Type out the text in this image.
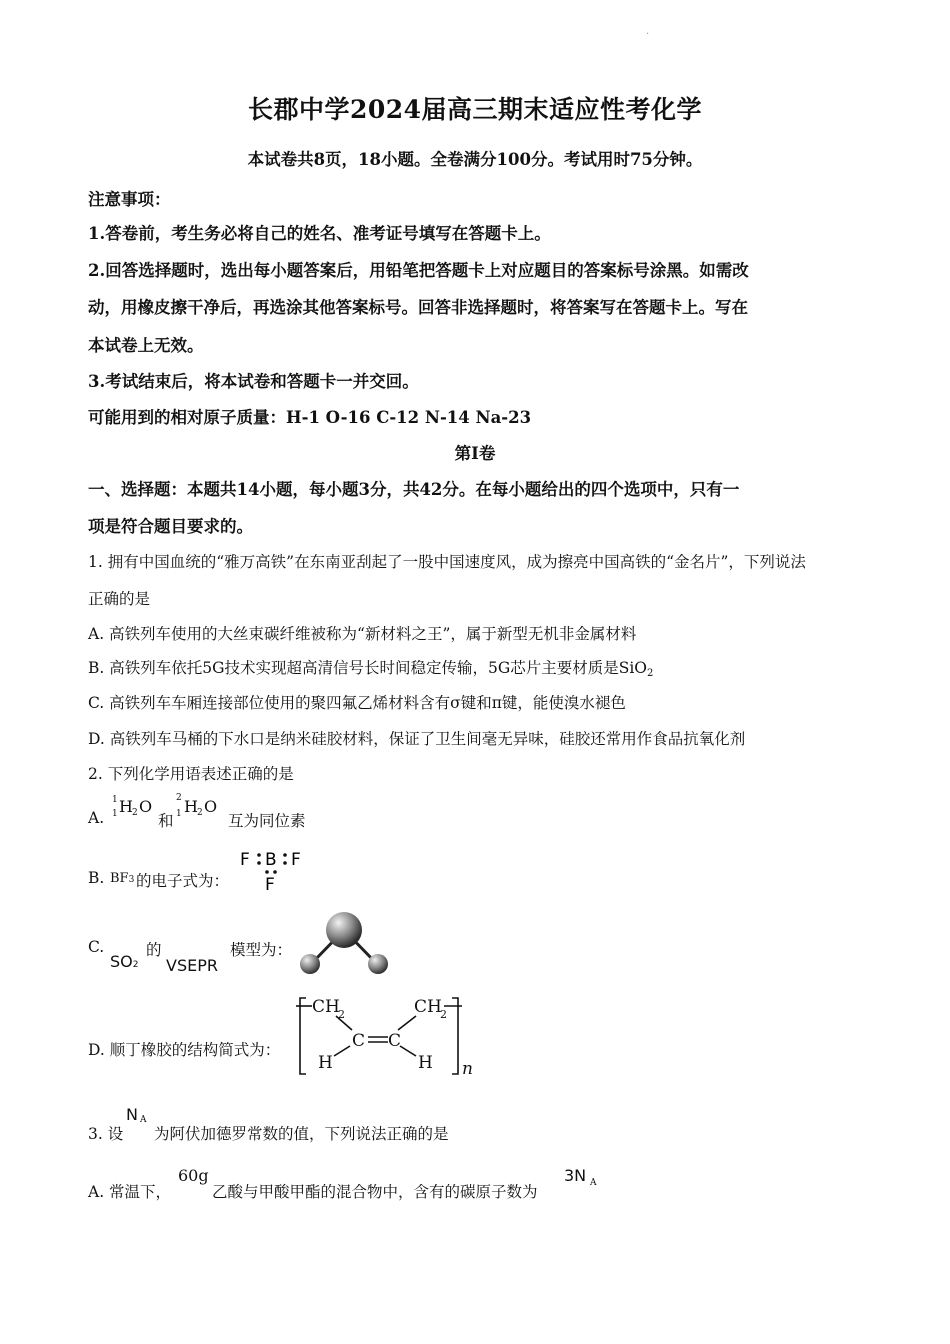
.
长郡中学2024届高三期末适应性考化学
本试卷共8页，18小题。全卷满分100分。考试用时75分钟。
注意事项：
1.答卷前，考生务必将自己的姓名、准考证号填写在答题卡上。
2.回答选择题时，选出每小题答案后，用铅笔把答题卡上对应题目的答案标号涂黑。如需改
动，用橡皮擦干净后，再选涂其他答案标号。回答非选择题时，将答案写在答题卡上。写在
本试卷上无效。
3.考试结束后，将本试卷和答题卡一并交回。
可能用到的相对原子质量：H-1 O-16 C-12 N-14 Na-23
第I卷
一、选择题：本题共14小题，每小题3分，共42分。在每小题给出的四个选项中，只有一
项是符合题目要求的。
1. 拥有中国血统的“雅万高铁”在东南亚刮起了一股中国速度风，成为擦亮中国高铁的“金名片”，下列说法
正确的是
A. 高铁列车使用的大丝束碳纤维被称为“新材料之王”，属于新型无机非金属材料
B. 高铁列车依托5G技术实现超高清信号长时间稳定传输，5G芯片主要材质是SiO$_2$
C. 高铁列车车厢连接部位使用的聚四氟乙烯材料含有σ键和π键，能使溴水褪色
D. 高铁列车马桶的下水口是纳米硅胶材料，保证了卫生间毫无异味，硅胶还常用作食品抗氧化剂
2. 下列化学用语表述正确的是
A.
1
1 H 2 O
和
2
1 H 2 O
互为同位素
B. BF3 的电子式为：
F B F
F
C.
SO2
的
VSEPR
模型为：
D. 顺丁橡胶的结构简式为：
CH
2	CH
2
C C
H	H n
3. 设
N A
为阿伏加德罗常数的值，下列说法正确的是
A. 常温下，
60g
乙酸与甲酸甲酯的混合物中，含有的碳原子数为
3N A
